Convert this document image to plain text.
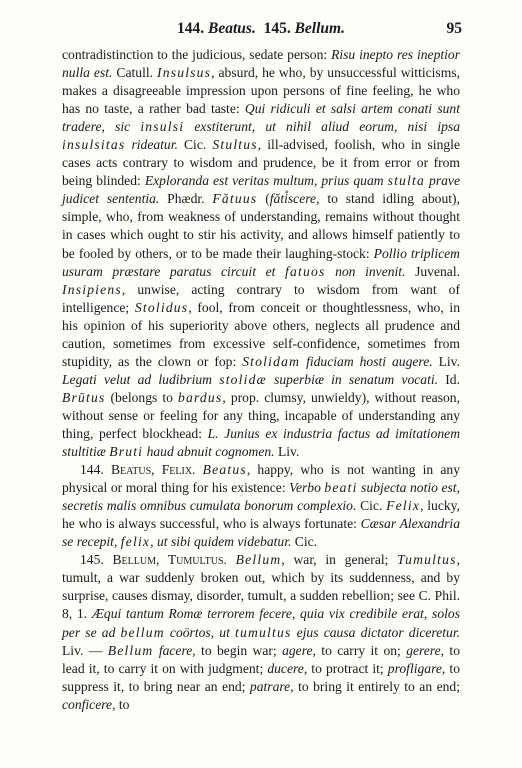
144. Beatus. 145. Bellum.	95

contradistinction to the judicious, sedate person: Risu inepto res ineptior nulla est. Catull. Insulsus, absurd, he who, by unsuccessful witticisms, makes a disagreeable impression upon persons of fine feeling, he who has no taste, a rather bad taste: Qui ridiculi et salsi artem conati sunt tradere, sic insulsi exstiterunt, ut nihil aliud eorum, nisi ipsa insulsitas rideatur. Cic. Stultus, ill-advised, foolish, who in single cases acts contrary to wisdom and prudence, be it from error or from being blinded: Exploranda est veritas multum, prius quam stulta prave judicet sententia. Phædr. Fătuus (făti̊scere, to stand idling about), simple, who, from weakness of understanding, remains without thought in cases which ought to stir his activity, and allows himself patiently to be fooled by others, or to be made their laughing-stock: Pollio triplicem usuram præstare paratus circuit et fatuos non invenit. Juvenal. Insipiens, unwise, acting contrary to wisdom from want of intelligence; Stolidus, fool, from conceit or thoughtlessness, who, in his opinion of his superiority above others, neglects all prudence and caution, sometimes from excessive self-confidence, sometimes from stupidity, as the clown or fop: Stolidam fiduciam hosti augere. Liv. Legati velut ad ludibrium stolidæ superbiæ in senatum vocati. Id. Brūtus (belongs to bardus, prop. clumsy, unwieldy), without reason, without sense or feeling for any thing, incapable of understanding any thing, perfect blockhead: L. Junius ex industria factus ad imitationem stultitiæ Bruti haud abnuit cognomen. Liv.

144. Beatus, Felix. Beatus, happy, who is not wanting in any physical or moral thing for his existence: Verbo beati subjecta notio est, secretis malis omnibus cumulata bonorum complexio. Cic. Felix, lucky, he who is always successful, who is always fortunate: Cæsar Alexandria se recepit, felix, ut sibi quidem videbatur. Cic.

145. Bellum, Tumultus. Bellum, war, in general; Tumultus, tumult, a war suddenly broken out, which by its suddenness, and by surprise, causes dismay, disorder, tumult, a sudden rebellion; see C. Phil. 8, 1. Æqui tantum Romæ terrorem fecere, quia vix credibile erat, solos per se ad bellum coörtos, ut tumultus ejus causa dictator diceretur. Liv. — Bellum facere, to begin war; agere, to carry it on; gerere, to lead it, to carry it on with judgment; ducere, to protract it; profligare, to suppress it, to bring near an end; patrare, to bring it entirely to an end; conficere, to
